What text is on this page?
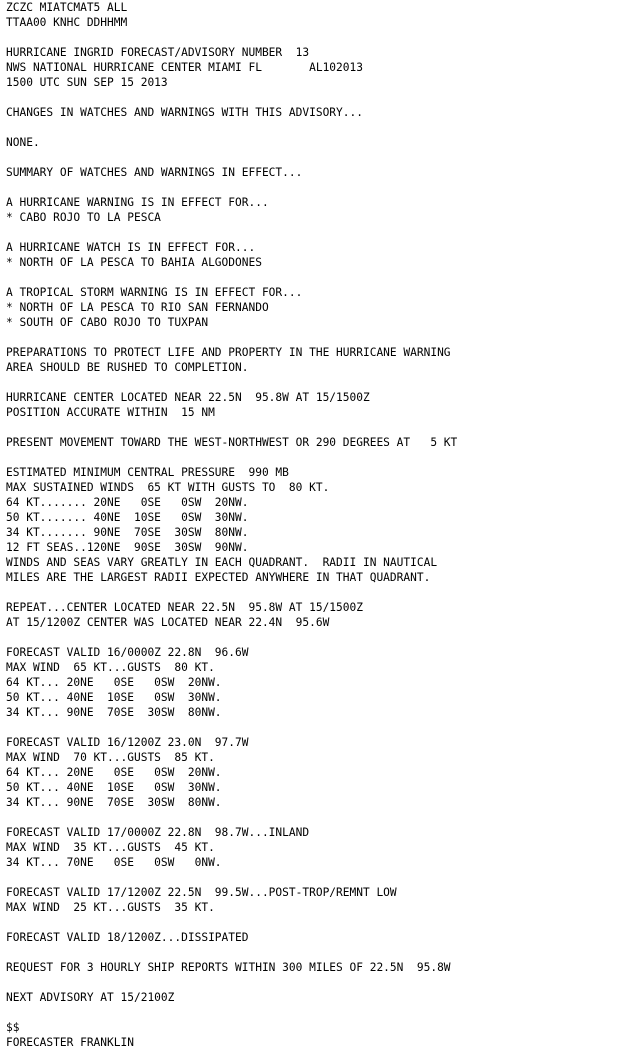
ZCZC MIATCMAT5 ALL
TTAA00 KNHC DDHHMM
HURRICANE INGRID FORECAST/ADVISORY NUMBER  13
NWS NATIONAL HURRICANE CENTER MIAMI FL       AL102013
1500 UTC SUN SEP 15 2013
CHANGES IN WATCHES AND WARNINGS WITH THIS ADVISORY...
NONE.
SUMMARY OF WATCHES AND WARNINGS IN EFFECT...
A HURRICANE WARNING IS IN EFFECT FOR...
* CABO ROJO TO LA PESCA
A HURRICANE WATCH IS IN EFFECT FOR...
* NORTH OF LA PESCA TO BAHIA ALGODONES
A TROPICAL STORM WARNING IS IN EFFECT FOR...
* NORTH OF LA PESCA TO RIO SAN FERNANDO
* SOUTH OF CABO ROJO TO TUXPAN
PREPARATIONS TO PROTECT LIFE AND PROPERTY IN THE HURRICANE WARNING
AREA SHOULD BE RUSHED TO COMPLETION.
HURRICANE CENTER LOCATED NEAR 22.5N  95.8W AT 15/1500Z
POSITION ACCURATE WITHIN  15 NM
PRESENT MOVEMENT TOWARD THE WEST-NORTHWEST OR 290 DEGREES AT   5 KT
ESTIMATED MINIMUM CENTRAL PRESSURE  990 MB
MAX SUSTAINED WINDS  65 KT WITH GUSTS TO  80 KT.
64 KT....... 20NE   0SE   0SW  20NW.
50 KT....... 40NE  10SE   0SW  30NW.
34 KT....... 90NE  70SE  30SW  80NW.
12 FT SEAS..120NE  90SE  30SW  90NW.
WINDS AND SEAS VARY GREATLY IN EACH QUADRANT.  RADII IN NAUTICAL
MILES ARE THE LARGEST RADII EXPECTED ANYWHERE IN THAT QUADRANT.
REPEAT...CENTER LOCATED NEAR 22.5N  95.8W AT 15/1500Z
AT 15/1200Z CENTER WAS LOCATED NEAR 22.4N  95.6W
FORECAST VALID 16/0000Z 22.8N  96.6W
MAX WIND  65 KT...GUSTS  80 KT.
64 KT... 20NE   0SE   0SW  20NW.
50 KT... 40NE  10SE   0SW  30NW.
34 KT... 90NE  70SE  30SW  80NW.
FORECAST VALID 16/1200Z 23.0N  97.7W
MAX WIND  70 KT...GUSTS  85 KT.
64 KT... 20NE   0SE   0SW  20NW.
50 KT... 40NE  10SE   0SW  30NW.
34 KT... 90NE  70SE  30SW  80NW.
FORECAST VALID 17/0000Z 22.8N  98.7W...INLAND
MAX WIND  35 KT...GUSTS  45 KT.
34 KT... 70NE   0SE   0SW   0NW.
FORECAST VALID 17/1200Z 22.5N  99.5W...POST-TROP/REMNT LOW
MAX WIND  25 KT...GUSTS  35 KT.
FORECAST VALID 18/1200Z...DISSIPATED
REQUEST FOR 3 HOURLY SHIP REPORTS WITHIN 300 MILES OF 22.5N  95.8W
NEXT ADVISORY AT 15/2100Z
$$
FORECASTER FRANKLIN
